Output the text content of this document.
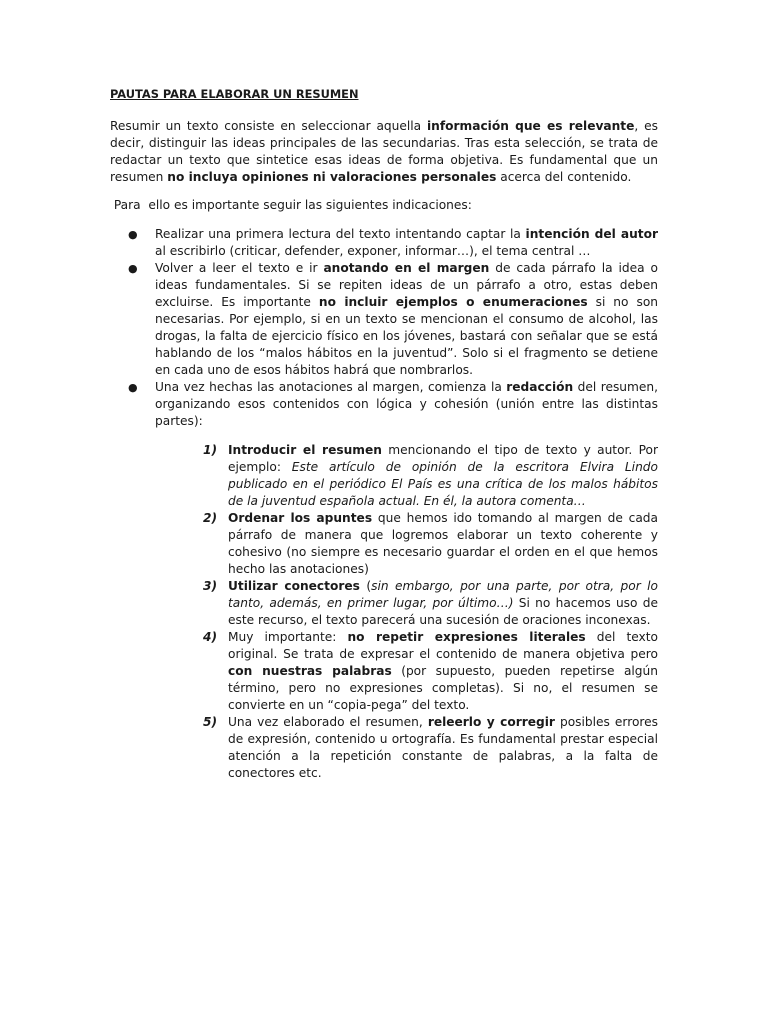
PAUTAS PARA ELABORAR UN RESUMEN

Resumir un texto consiste en seleccionar aquella información que es relevante, es decir, distinguir las ideas principales de las secundarias. Tras esta selección, se trata de redactar un texto que sintetice esas ideas de forma objetiva. Es fundamental que un resumen no incluya opiniones ni valoraciones personales acerca del contenido.

Para  ello es importante seguir las siguientes indicaciones:

● Realizar una primera lectura del texto intentando captar la intención del autor al escribirlo (criticar, defender, exponer, informar…), el tema central …
● Volver a leer el texto e ir anotando en el margen de cada párrafo la idea o ideas fundamentales. Si se repiten ideas de un párrafo a otro, estas deben excluirse. Es importante no incluir ejemplos o enumeraciones si no son necesarias. Por ejemplo, si en un texto se mencionan el consumo de alcohol, las drogas, la falta de ejercicio físico en los jóvenes, bastará con señalar que se está hablando de los “malos hábitos en la juventud”. Solo si el fragmento se detiene en cada uno de esos hábitos habrá que nombrarlos.
● Una vez hechas las anotaciones al margen, comienza la redacción del resumen, organizando esos contenidos con lógica y cohesión (unión entre las distintas partes):
1) Introducir el resumen mencionando el tipo de texto y autor. Por ejemplo: Este artículo de opinión de la escritora Elvira Lindo publicado en el periódico El País es una crítica de los malos hábitos de la juventud española actual. En él, la autora comenta…
2) Ordenar los apuntes que hemos ido tomando al margen de cada párrafo de manera que logremos elaborar un texto coherente y cohesivo (no siempre es necesario guardar el orden en el que hemos hecho las anotaciones)
3) Utilizar conectores (sin embargo, por una parte, por otra, por lo tanto, además, en primer lugar, por último…) Si no hacemos uso de este recurso, el texto parecerá una sucesión de oraciones inconexas.
4) Muy importante: no repetir expresiones literales del texto original. Se trata de expresar el contenido de manera objetiva pero con nuestras palabras (por supuesto, pueden repetirse algún término, pero no expresiones completas). Si no, el resumen se convierte en un “copia-pega” del texto.
5) Una vez elaborado el resumen, releerlo y corregir posibles errores de expresión, contenido u ortografía. Es fundamental prestar especial atención a la repetición constante de palabras, a la falta de conectores etc.
